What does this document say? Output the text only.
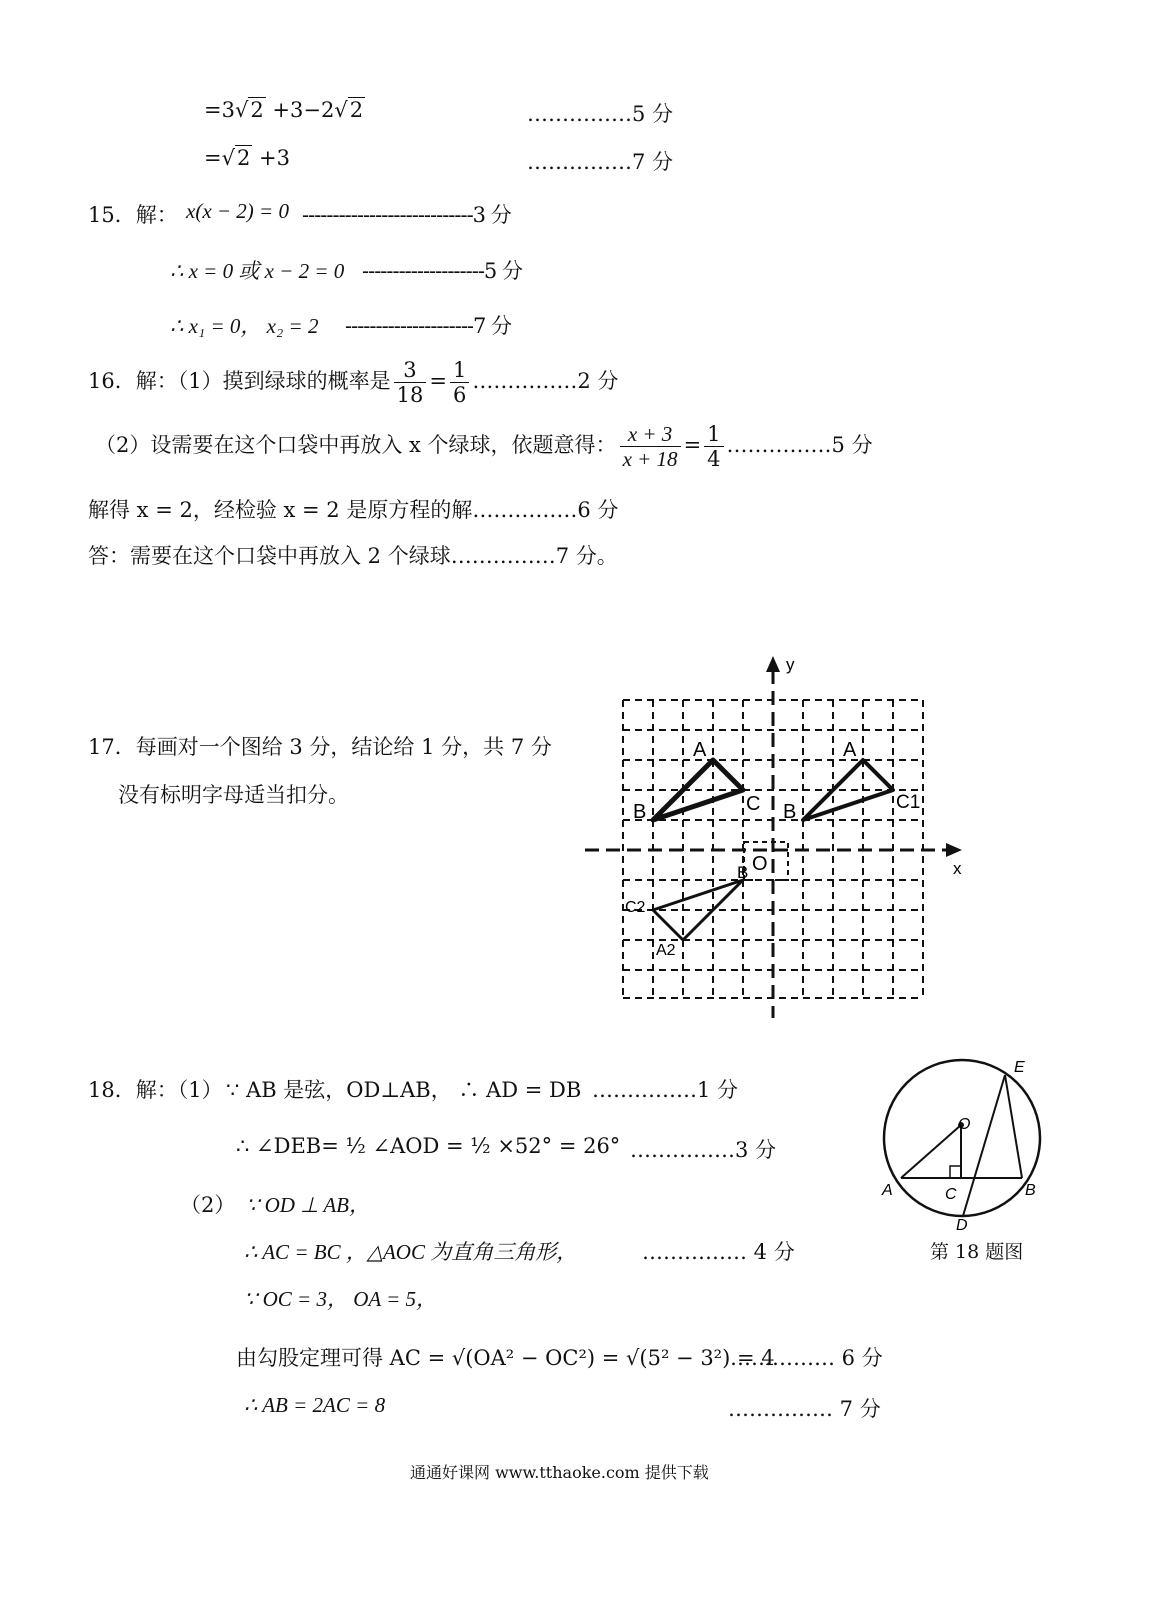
=3√2 +3−2√2	……………5 分
=√2 +3	……………7 分
15．解： x(x − 2) = 0 ----------------------------3 分
∴ x = 0 或 x − 2 = 0 --------------------5 分
∴ x₁ = 0， x₂ = 2 ---------------------7 分
16．解：（1）摸到绿球的概率是 $\frac{3}{18} = \frac{1}{6}$ ……………2 分
（2）设需要在这个口袋中再放入 x 个绿球，依题意得： $\frac{x + 3}{x + 18} = \frac{1}{4}$ ……………5 分
解得 x = 2，经检验 x = 2 是原方程的解……………6 分
答：需要在这个口袋中再放入 2 个绿球……………7 分。
17．每画对一个图给 3 分，结论给 1 分，共 7 分
没有标明字母适当扣分。
y
x
O
A
B	C
A
B	C1
B
C2
A2
18．解：（1） ∵ AB 是弦，OD⊥AB， ∴ AD = DB ……………1 分
∴ ∠DEB= ½ ∠AOD = ½ ×52° = 26° ……………3 分
（2） ∵ OD ⊥ AB，
∴ AC = BC ，△AOC 为直角三角形，	…………… 4 分
∵ OC = 3， OA = 5，
由勾股定理可得 AC = √(OA² − OC²) = √(5² − 3²) = 4
…………… 6 分
∴ AB = 2AC = 8	…………… 7 分
E
O
A	C	B
D
第 18 题图
通通好课网 www.tthaoke.com 提供下载
